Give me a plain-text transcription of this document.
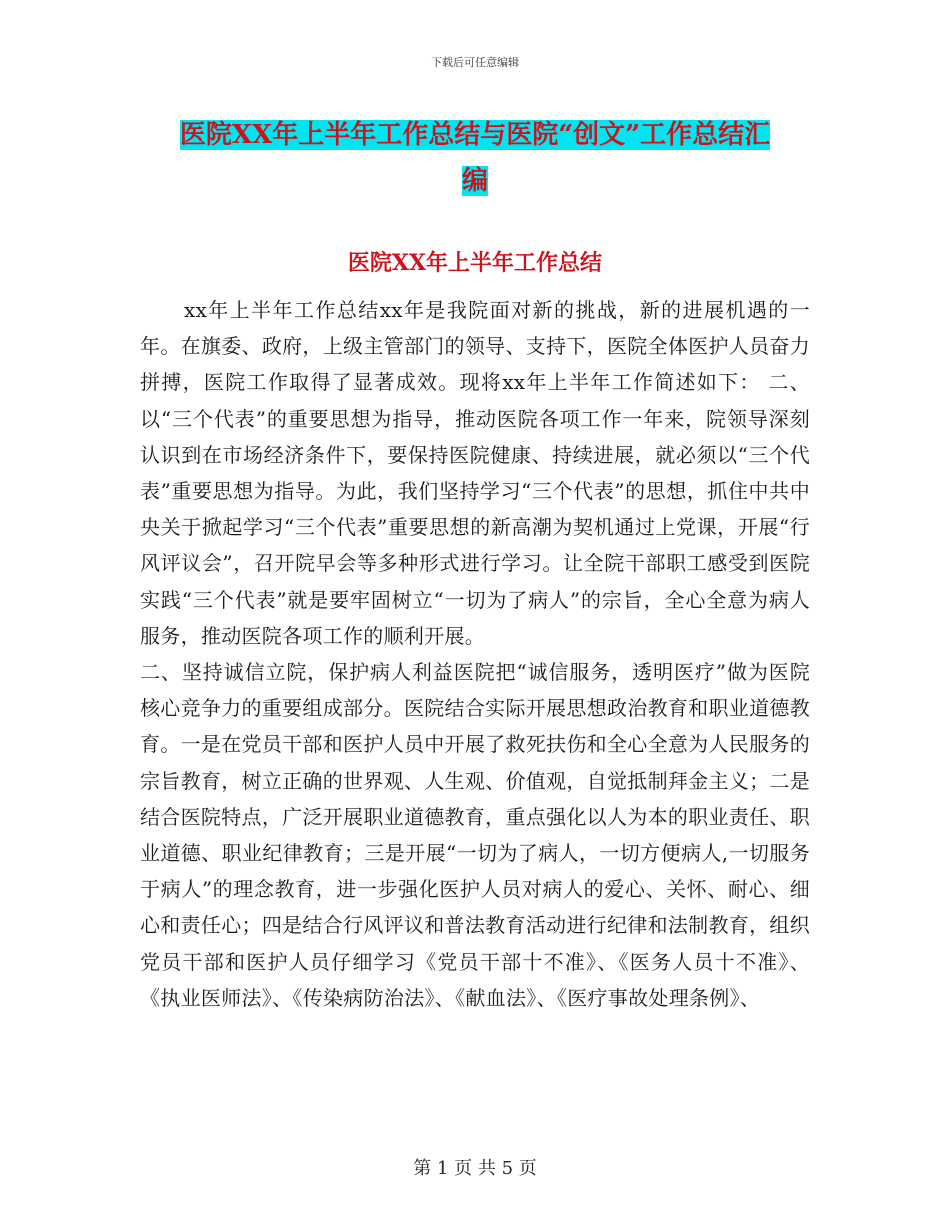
下载后可任意编辑
医院XX年上半年工作总结与医院“创文”工作总结汇
编
医院XX年上半年工作总结

xx年上半年工作总结xx年是我院面对新的挑战，新的进展机遇的一年。在旗委、政府，上级主管部门的领导、支持下，医院全体医护人员奋力拼搏，医院工作取得了显著成效。现将xx年上半年工作简述如下： 二、以“三个代表”的重要思想为指导，推动医院各项工作一年来，院领导深刻认识到在市场经济条件下，要保持医院健康、持续进展，就必须以“三个代表”重要思想为指导。为此，我们坚持学习“三个代表”的思想，抓住中共中央关于掀起学习“三个代表”重要思想的新高潮为契机通过上党课，开展“行风评议会”，召开院早会等多种形式进行学习。让全院干部职工感受到医院实践“三个代表”就是要牢固树立“一切为了病人”的宗旨，全心全意为病人服务，推动医院各项工作的顺利开展。

二、坚持诚信立院，保护病人利益医院把“诚信服务，透明医疗”做为医院核心竞争力的重要组成部分。医院结合实际开展思想政治教育和职业道德教育。一是在党员干部和医护人员中开展了救死扶伤和全心全意为人民服务的宗旨教育，树立正确的世界观、人生观、价值观，自觉抵制拜金主义；二是结合医院特点，广泛开展职业道德教育，重点强化以人为本的职业责任、职业道德、职业纪律教育；三是开展“一切为了病人，一切方便病人,一切服务于病人”的理念教育，进一步强化医护人员对病人的爱心、关怀、耐心、细心和责任心；四是结合行风评议和普法教育活动进行纪律和法制教育，组织党员干部和医护人员仔细学习《党员干部十不准》、《医务人员十不准》、《执业医师法》、《传染病防治法》、《献血法》、《医疗事故处理条例》、

第 1 页 共 5 页
